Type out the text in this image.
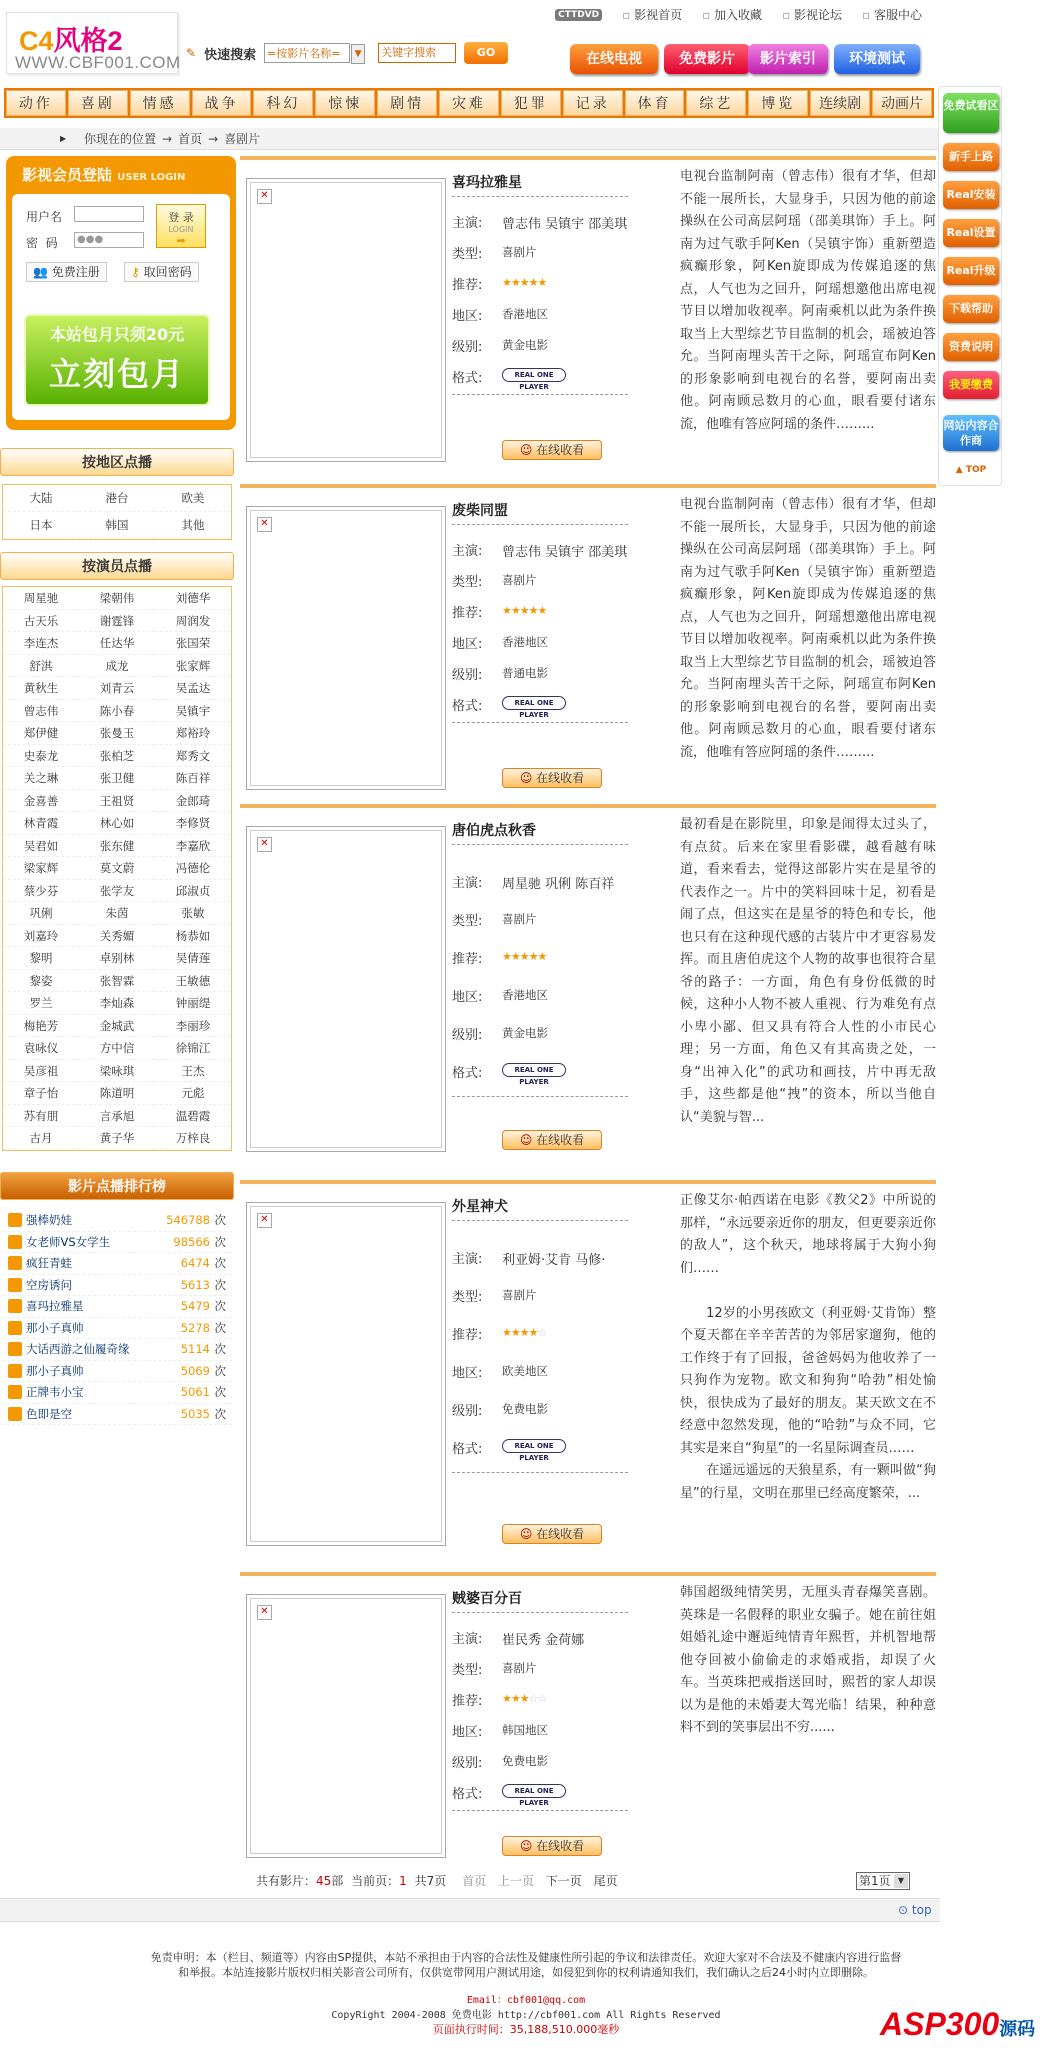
C4风格2
WWW.CBF001.COM
CTTDVD	▫ 影视首页	▫ 加入收藏	▫ 影视论坛	▫ 客服中心
✎ 快速搜索 =按影片名称=	▼	关键字搜索	GO	在线电视	免费影片	影片索引	环境测试
动作	喜剧	情感	战争	科幻	惊悚	剧情	灾难	犯罪	记录	体育	综艺	博览	连续剧	动画片
▶ 你现在的位置 → 首页 → 喜剧片
影视会员登陆 USER LOGIN
用户名
密  码	●●●
登 录
LOGIN
➡
👥 免费注册	⚷ 取回密码
本站包月只须20元
立刻包月
按地区点播
大陆	港台	欧美
日本	韩国	其他
按演员点播
周星驰	梁朝伟	刘德华
古天乐	谢霆锋	周润发
李连杰	任达华	张国荣
舒淇	成龙	张家辉
黄秋生	刘青云	吴孟达
曾志伟	陈小春	吴镇宇
郑伊健	张曼玉	郑裕玲
史泰龙	张柏芝	郑秀文
关之琳	张卫健	陈百祥
金喜善	王祖贤	金郎琦
林青霞	林心如	李修贤
吴君如	张东健	李嘉欣
梁家辉	莫文蔚	冯德伦
蔡少芬	张学友	邱淑贞
巩俐	朱茵	张敏
刘嘉玲	关秀媚	杨恭如
黎明	卓别林	吴倩莲
黎姿	张智霖	王敏德
罗兰	李灿森	钟丽缇
梅艳芳	金城武	李丽珍
袁咏仪	方中信	徐锦江
吴彦祖	梁咏琪	王杰
章子怡	陈道明	元彪
苏有朋	言承旭	温碧霞
古月	黄子华	万梓良
影片点播排行榜
强棒奶娃	546788 次
女老师VS女学生	98566 次
疯狂青蛙	6474 次
空房诱问	5613 次
喜玛拉雅星	5479 次
那小子真帅	5278 次
大话西游之仙履奇缘	5114 次
那小子真帅	5069 次
正牌韦小宝	5061 次
色即是空	5035 次
✕
喜玛拉雅星
主演: 曾志伟 吴镇宇 邵美琪
类型: 喜剧片
推荐: ★★★★★
地区: 香港地区
级别: 黄金电影
格式:	REAL ONE PLAYER
☺ 在线收看
电视台监制阿南（曾志伟）很有才华，但却不能一展所长，大显身手，只因为他的前途操纵在公司高层阿瑶（邵美琪饰）手上。阿南为过气歌手阿Ken（吴镇宇饰）重新塑造疯癫形象，阿Ken旋即成为传媒追逐的焦点，人气也为之回升，阿瑶想邀他出席电视节目以增加收视率。阿南乘机以此为条件换取当上大型综艺节目监制的机会，瑶被迫答允。当阿南埋头苦干之际，阿瑶宣布阿Ken的形象影响到电视台的名誉，要阿南出卖他。阿南顾忌数月的心血，眼看要付诸东流，他唯有答应阿瑶的条件……...
✕
废柴同盟
主演: 曾志伟 吴镇宇 邵美琪
类型: 喜剧片
推荐: ★★★★★
地区: 香港地区
级别: 普通电影
格式:	REAL ONE PLAYER
☺ 在线收看
电视台监制阿南（曾志伟）很有才华，但却不能一展所长，大显身手，只因为他的前途操纵在公司高层阿瑶（邵美琪饰）手上。阿南为过气歌手阿Ken（吴镇宇饰）重新塑造疯癫形象，阿Ken旋即成为传媒追逐的焦点，人气也为之回升，阿瑶想邀他出席电视节目以增加收视率。阿南乘机以此为条件换取当上大型综艺节目监制的机会，瑶被迫答允。当阿南埋头苦干之际，阿瑶宣布阿Ken的形象影响到电视台的名誉，要阿南出卖他。阿南顾忌数月的心血，眼看要付诸东流，他唯有答应阿瑶的条件……...
✕
唐伯虎点秋香
主演: 周星驰 巩俐 陈百祥
类型: 喜剧片
推荐: ★★★★★
地区: 香港地区
级别: 黄金电影
格式:	REAL ONE PLAYER
☺ 在线收看
最初看是在影院里，印象是闹得太过头了，有点贫。后来在家里看影碟，越看越有味道，看来看去，觉得这部影片实在是星爷的代表作之一。片中的笑料回味十足，初看是闹了点，但这实在是星爷的特色和专长，他也只有在这种现代感的古装片中才更容易发挥。而且唐伯虎这个人物的故事也很符合星爷的路子：一方面，角色有身份低微的时候，这种小人物不被人重视、行为难免有点小卑小鄙、但又具有符合人性的小市民心理；另一方面，角色又有其高贵之处，一身“出神入化”的武功和画技，片中再无敌手，这些都是他“拽”的资本，所以当他自认“美貌与智...
✕
外星神犬
主演: 利亚姆·艾肯 马修·
类型: 喜剧片
推荐: ★★★★☆
地区: 欧美地区
级别: 免费电影
格式:	REAL ONE PLAYER
☺ 在线收看
正像艾尔·帕西诺在电影《教父2》中所说的那样，“永远要亲近你的朋友，但更要亲近你的敌人”，这个秋天，地球将属于大狗小狗们……

　　12岁的小男孩欧文（利亚姆·艾肯饰）整个夏天都在辛辛苦苦的为邻居家遛狗，他的工作终于有了回报，爸爸妈妈为他收养了一只狗作为宠物。欧文和狗狗“哈勃”相处愉快，很快成为了最好的朋友。某天欧文在不经意中忽然发现，他的“哈勃”与众不同，它其实是来自“狗星”的一名星际调查员……
　　在遥远遥远的天狼星系，有一颗叫做“狗星”的行星，文明在那里已经高度繁荣，...
✕
贼婆百分百
主演: 崔民秀 金荷娜
类型: 喜剧片
推荐: ★★★☆☆
地区: 韩国地区
级别: 免费电影
格式:	REAL ONE PLAYER
☺ 在线收看
韩国超级纯情笑男，无厘头青春爆笑喜剧。英珠是一名假释的职业女骗子。她在前往姐姐婚礼途中邂逅纯情青年熙哲，并机智地帮他夺回被小偷偷走的求婚戒指，却误了火车。当英珠把戒指送回时，熙哲的家人却误以为是他的未婚妻大驾光临！结果，种种意料不到的笑事层出不穷......
共有影片：45部 当前页：1 共7页 首页 上一页 下一页 尾页	第1页 ▼
免费试看区
新手上路
Real安装
Real设置
Real升级
下载帮助
资费说明
我要缴费
网站内容合作商
▲ TOP
⊙ top
免责申明：本（栏目、频道等）内容由SP提供，本站不承担由于内容的合法性及健康性所引起的争议和法律责任。欢迎大家对不合法及不健康内容进行监督
和举报。本站连接影片版权归相关影音公司所有，仅供宽带网用户测试用途，如侵犯到你的权利请通知我们，我们确认之后24小时内立即删除。
Email：cbf001@qq.com
CopyRight 2004-2008 免费电影 http://cbf001.com All Rights Reserved
页面执行时间：35,188,510.000毫秒	ASP300源码
